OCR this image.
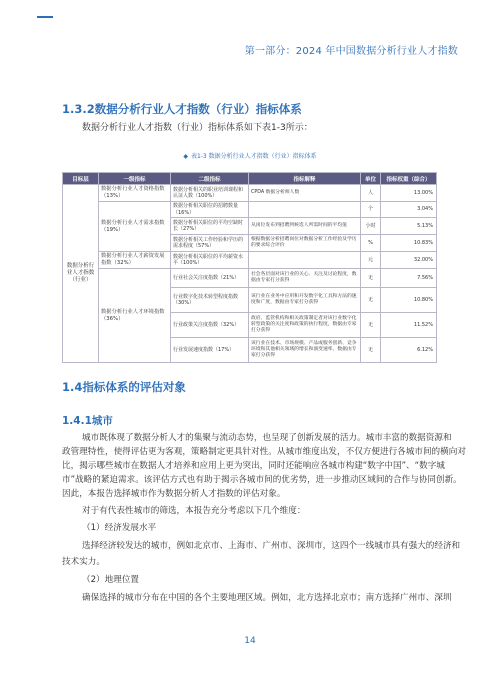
第一部分：2024 年中国数据分析行业人才指数
1.3.2数据分析行业人才指数（行业）指标体系
数据分析行业人才指数（行业）指标体系如下表1-3所示：
◆ 表1-3 数据分析行业人才指数（行业）指标体系
目标层	一级指标	二级指标	指标解释	单位	指标权重（综合）
数据分析行业人才指数（行业）	数据分析行业人才资格指数（13%）	数据分析相关的职业培训课程和认证人数（100%）	CPDA 数据分析师人数	人	13.00%
	数据分析行业人才需求指数（19%）	数据分析相关职位的招聘数量（16%）		个	3.04%
		数据分析相关职位的平均空缺时长（27%）	从岗位发布到招聘到候选人所需时间的平均值	小时	5.13%
		数据分析相关工作经验和学历的需求程度（57%）	根据数据分析招聘岗位对数据分析工作经验及学历的要求综合评价	%	10.83%
	数据分析行业人才薪资发展指数（32%）	数据分析相关职位的平均薪资水平（100%）		元	32.00%
	数据分析行业人才环境指数（36%）	行业社会关注度指数（21%）	社会各层面对该行业的关心、关注及讨论程度，数据由专家打分获得	无	7.56%
		行业数字化技术转型程度指数（30%）	该行业在业务中应用和开发数字化工具和方法的速度和广度，数据由专家打分获得	无	10.80%
		行业政策关注度指数（32%）	政府、监管机构和相关政策制定者对该行业数字化转型政策的关注度和政策的执行程度，数据由专家打分获得	无	11.52%
		行业发展速度指数（17%）	该行业在技术、市场规模、产品或服务创新、竞争环境和其他相关领域的增长和演变速率，数据由专家打分获得	无	6.12%
1.4指标体系的评估对象
1.4.1城市
城市既体现了数据分析人才的集聚与流动态势，也呈现了创新发展的活力。城市丰富的数据资源和
政管理特性，使得评估更为客观，策略制定更具针对性。从城市维度出发，不仅方便进行各城市间的横向对
比，揭示哪些城市在数据人才培养和应用上更为突出，同时还能响应各城市构建“数字中国”、“数字城
市”战略的紧迫需求。该评估方式也有助于揭示各城市间的优劣势，进一步推动区域间的合作与协同创新。
因此，本报告选择城市作为数据分析人才指数的评估对象。
对于有代表性城市的筛选，本报告充分考虑以下几个维度：
（1）经济发展水平
选择经济较发达的城市，例如北京市、上海市、广州市、深圳市，这四个一线城市具有强大的经济和
技术实力。
（2）地理位置
确保选择的城市分布在中国的各个主要地理区域。例如，北方选择北京市；南方选择广州市、深圳
14
